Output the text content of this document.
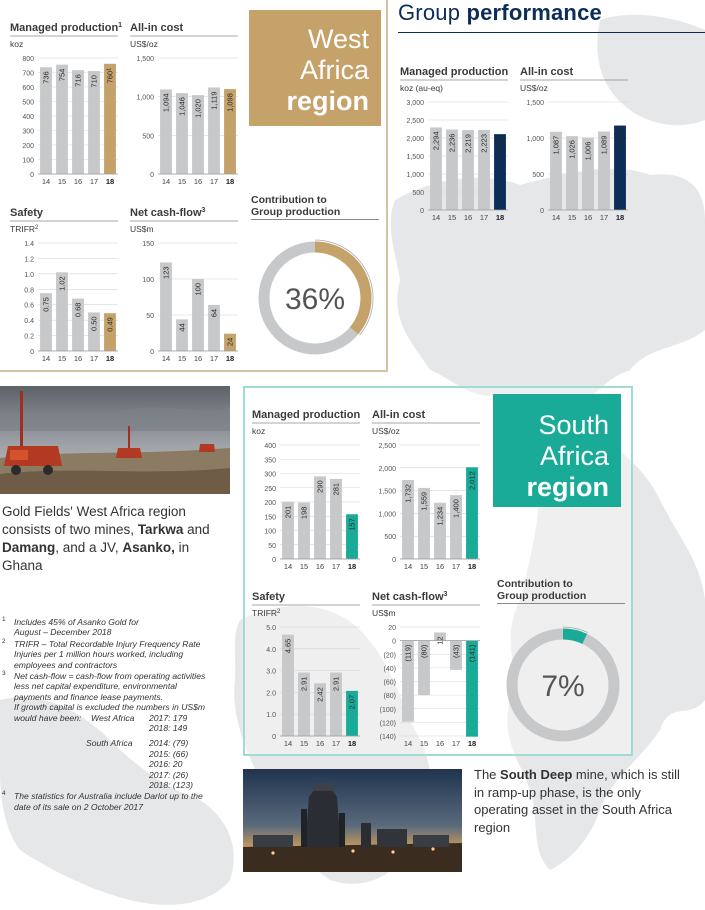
West
Africa
region
Group performance
South
Africa
region
Managed production$^1$
koz
0
100
200
300
400
500
600
700
800
736
14
754
15
716
16
710
17
$760^1$
18
All-in cost
US$/oz
0
500
1,000
1,500
1,094
14
1,046
15
1,020
16
1,119
17
1,098
18
Safety
TRIFR$^2$
0
0.2
0.4
0.6
0.8
1.0
1.2
1.4
0.75
14
1.02
15
0.68
16
0.50
17
0.49
18
Net cash-flow$^3$
US$m
0
50
100
150
123
14
44
15
100
16
64
17
24
18
Managed production
koz (au-eq)
0
500
1,000
1,500
2,000
2,500
3,000
2,294
14
2,236
15
2,219
16
2,223
17
2,107
18
All-in cost
US$/oz
0
500
1,000
1,500
1,087
14
1,026
15
1,006
16
1,089
17
1,173
18
Managed production
koz
0
50
100
150
200
250
300
350
400
201
14
198
15
290
16
281
17
157
18
All-in cost
US$/oz
0
500
1,000
1,500
2,000
2,500
1,732
14
1,559
15
1,234
16
1,400
17
2,012
18
Safety
TRIFR$^2$
0
1.0
2.0
3.0
4.0
5.0
4.65
14
2.91
15
2.42
16
2.91
17
2.07
18
Net cash-flow$^3$
US$m
(140)
(120)
(100)
(80)
(60)
(40)
(20)
0
20
(119)
14
(80)
15
12
16
(43)
17
(141)
18
Contribution to
Group production
36%
Contribution to
Group production
7%
Gold Fields' West Africa region consists of two mines, Tarkwa and Damang, and a JV, Asanko, in Ghana
1 Includes 45% of Asanko Gold for
August – December 2018
2 TRIFR – Total Recordable Injury Frequency Rate
Injuries per 1 million hours worked, including
employees and contractors
3 Net cash-flow = cash-flow from operating activities
less net capital expenditure, environmental
payments and finance lease payments.
If growth capital is excluded the numbers in US$m
would have been: West Africa 2017: 179
2018: 149
South Africa 2014: (79)
2015: (66)
2016: 20
2017: (26)
2018: (123)
4 The statistics for Australia include Darlot up to the
date of its sale on 2 October 2017
The South Deep mine, which is still in ramp-up phase, is the only operating asset in the South Africa region
